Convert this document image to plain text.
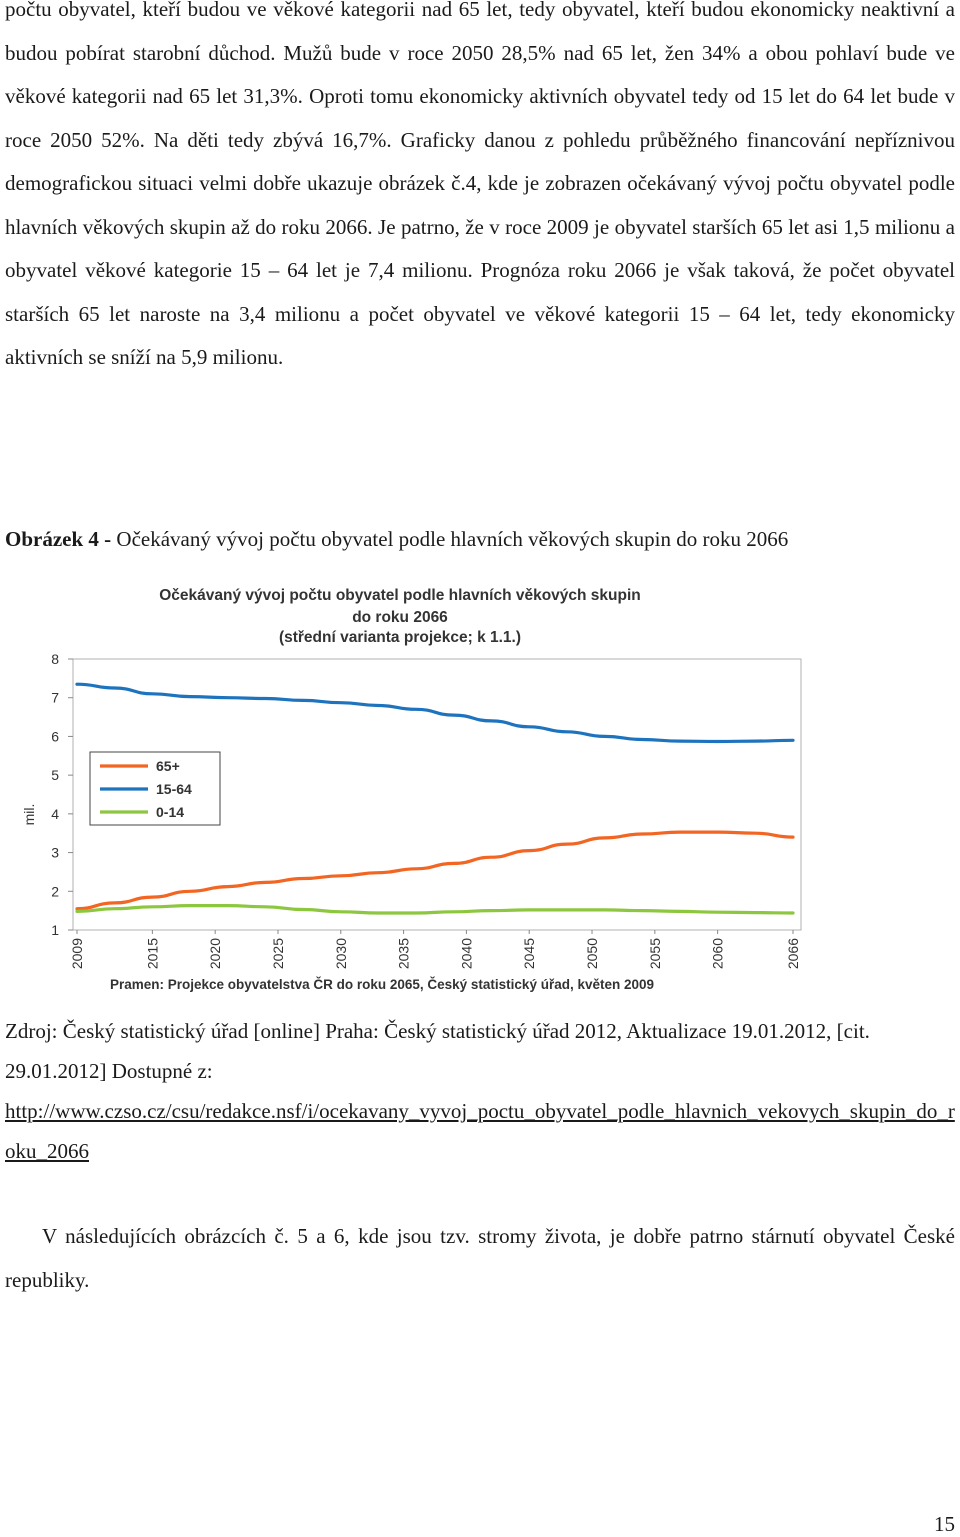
počtu obyvatel, kteří budou ve věkové kategorii nad 65 let, tedy obyvatel, kteří budou ekonomicky neaktivní a budou pobírat starobní důchod. Mužů bude v roce 2050 28,5% nad 65 let, žen 34% a obou pohlaví bude ve věkové kategorii nad 65 let 31,3%. Oproti tomu ekonomicky aktivních obyvatel tedy od 15 let do 64 let bude v roce 2050 52%. Na děti tedy zbývá 16,7%. Graficky danou z pohledu průběžného financování nepříznivou demografickou situaci velmi dobře ukazuje obrázek č.4, kde je zobrazen očekávaný vývoj počtu obyvatel podle hlavních věkových skupin až do roku 2066. Je patrno, že v roce 2009 je obyvatel starších 65 let asi 1,5 milionu a obyvatel věkové kategorie 15 – 64 let je 7,4 milionu. Prognóza roku 2066 je však taková, že počet obyvatel starších 65 let naroste na 3,4 milionu a počet obyvatel ve věkové kategorii 15 – 64 let, tedy ekonomicky aktivních se sníží na 5,9 milionu.

Obrázek 4 - Očekávaný vývoj počtu obyvatel podle hlavních věkových skupin do roku 2066

Očekávaný vývoj počtu obyvatel podle hlavních věkových skupin
do roku 2066
(střední varianta projekce; k 1.1.)
1
2
3
4
5
6
7
8
mil.
2009	2015	2020	2025	2030	2035	2040	2045	2050	2055	2060	2066
65+
15-64
0-14
Pramen: Projekce obyvatelstva ČR do roku 2065, Český statistický úřad, květen 2009

Zdroj: Český statistický úřad [online] Praha: Český statistický úřad 2012, Aktualizace 19.01.2012, [cit. 29.01.2012] Dostupné z:
http://www.czso.cz/csu/redakce.nsf/i/ocekavany_vyvoj_poctu_obyvatel_podle_hlavnich_vekovych_skupin_do_roku_2066

V následujících obrázcích č. 5 a 6, kde jsou tzv. stromy života, je dobře patrno stárnutí obyvatel České republiky.

15
